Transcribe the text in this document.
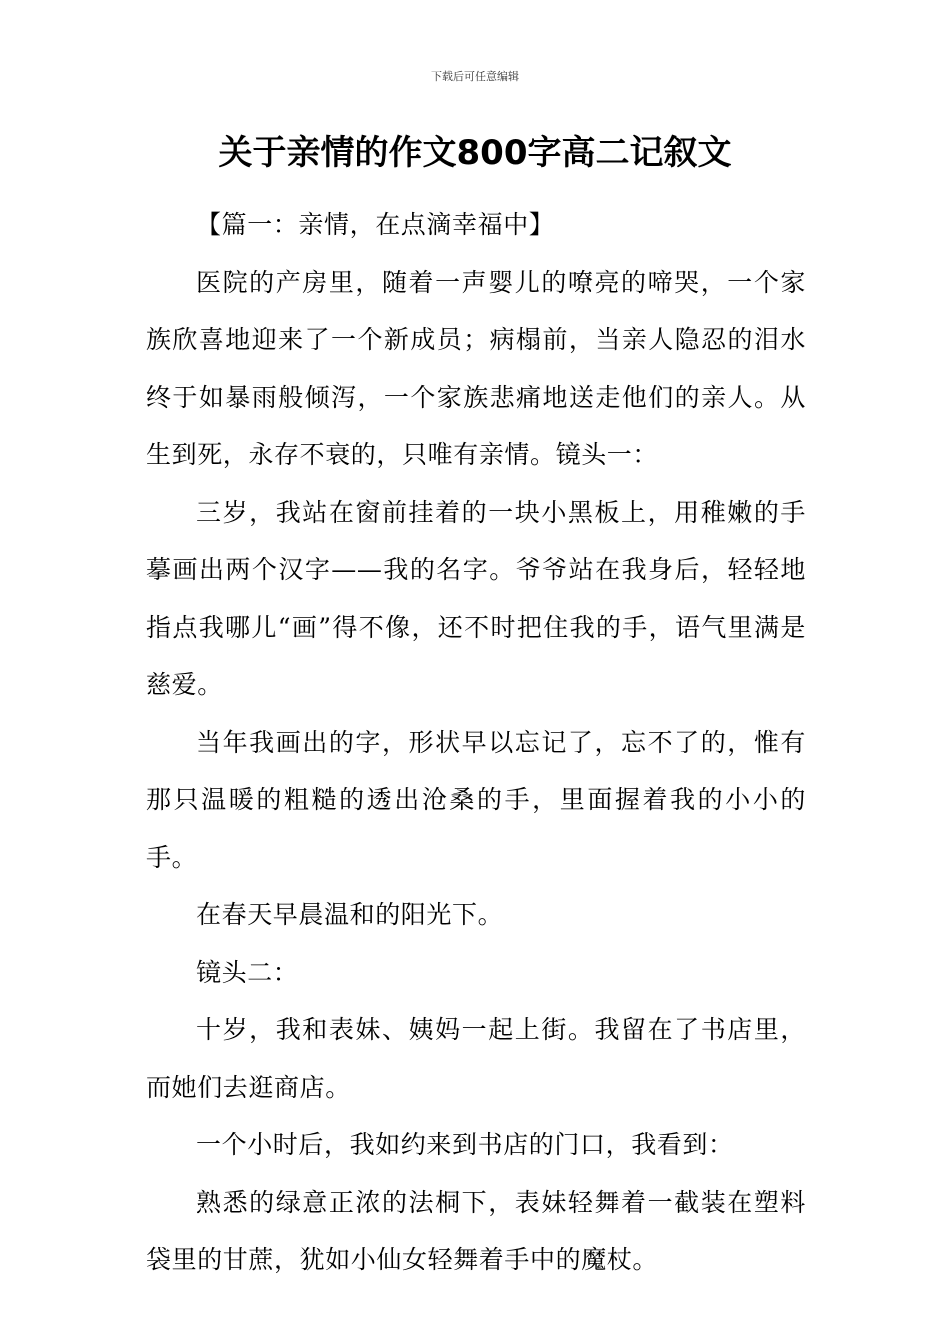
下载后可任意编辑
关于亲情的作文800字高二记叙文

【篇一：亲情，在点滴幸福中】

医院的产房里，随着一声婴儿的嘹亮的啼哭，一个家族欣喜地迎来了一个新成员；病榻前，当亲人隐忍的泪水终于如暴雨般倾泻，一个家族悲痛地送走他们的亲人。从生到死，永存不衰的，只唯有亲情。镜头一：

三岁，我站在窗前挂着的一块小黑板上，用稚嫩的手摹画出两个汉字——我的名字。爷爷站在我身后，轻轻地指点我哪儿“画”得不像，还不时把住我的手，语气里满是慈爱。

当年我画出的字，形状早以忘记了，忘不了的，惟有那只温暖的粗糙的透出沧桑的手，里面握着我的小小的手。

在春天早晨温和的阳光下。

镜头二：

十岁，我和表妹、姨妈一起上街。我留在了书店里，而她们去逛商店。

一个小时后，我如约来到书店的门口，我看到：

熟悉的绿意正浓的法桐下，表妹轻舞着一截装在塑料袋里的甘蔗，犹如小仙女轻舞着手中的魔杖。
